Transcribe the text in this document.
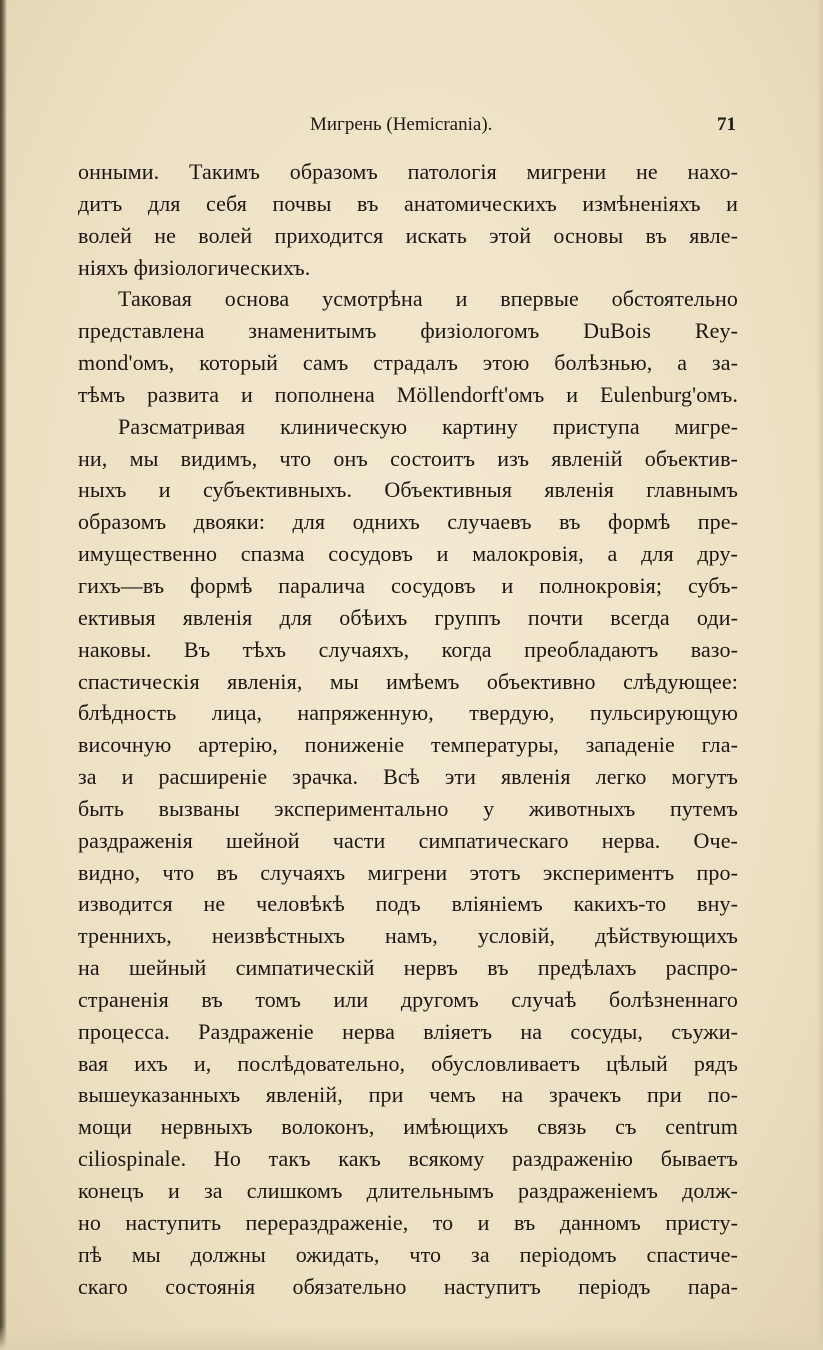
Мигрень (Hemicrania).	71
онными. Такимъ образомъ патологія мигрени не нахо-
дитъ для себя почвы въ анатомическихъ измѣненіяхъ и
волей не волей приходится искать этой основы въ явле-
ніяхъ физіологическихъ.
Таковая основа усмотрѣна и впервые обстоятельно
представлена знаменитымъ физіологомъ DuBois Rey-
mond'омъ, который самъ страдалъ этою болѣзнью, а за-
тѣмъ развита и пополнена Möllendorft'омъ и Eulenburg'омъ.
Разсматривая клиническую картину приступа мигре-
ни, мы видимъ, что онъ состоитъ изъ явленій объектив-
ныхъ и субъективныхъ. Объективныя явленія главнымъ
образомъ двояки: для однихъ случаевъ въ формѣ пре-
имущественно спазма сосудовъ и малокровія, а для дру-
гихъ—въ формѣ паралича сосудовъ и полнокровія; субъ-
ективыя явленія для обѣихъ группъ почти всегда оди-
наковы. Въ тѣхъ случаяхъ, когда преобладаютъ вазо-
спастическія явленія, мы имѣемъ объективно слѣдующее:
блѣдность лица, напряженную, твердую, пульсирующую
височную артерію, пониженіе температуры, западеніе гла-
за и расширеніе зрачка. Всѣ эти явленія легко могутъ
быть вызваны экспериментально у животныхъ путемъ
раздраженія шейной части симпатическаго нерва. Оче-
видно, что въ случаяхъ мигрени этотъ экспериментъ про-
изводится не человѣкѣ подъ вліяніемъ какихъ-то вну-
треннихъ, неизвѣстныхъ намъ, условій, дѣйствующихъ
на шейный симпатическій нервъ въ предѣлахъ распро-
страненія въ томъ или другомъ случаѣ болѣзненнаго
процесса. Раздраженіе нерва вліяетъ на сосуды, съужи-
вая ихъ и, послѣдовательно, обусловливаетъ цѣлый рядъ
вышеуказанныхъ явленій, при чемъ на зрачекъ при по-
мощи нервныхъ волоконъ, имѣющихъ связь съ centrum
ciliospinale. Но такъ какъ всякому раздраженію бываетъ
конецъ и за слишкомъ длительнымъ раздраженіемъ долж-
но наступить перераздраженіе, то и въ данномъ присту-
пѣ мы должны ожидать, что за періодомъ спастиче-
скаго состоянія обязательно наступитъ періодъ пара-
